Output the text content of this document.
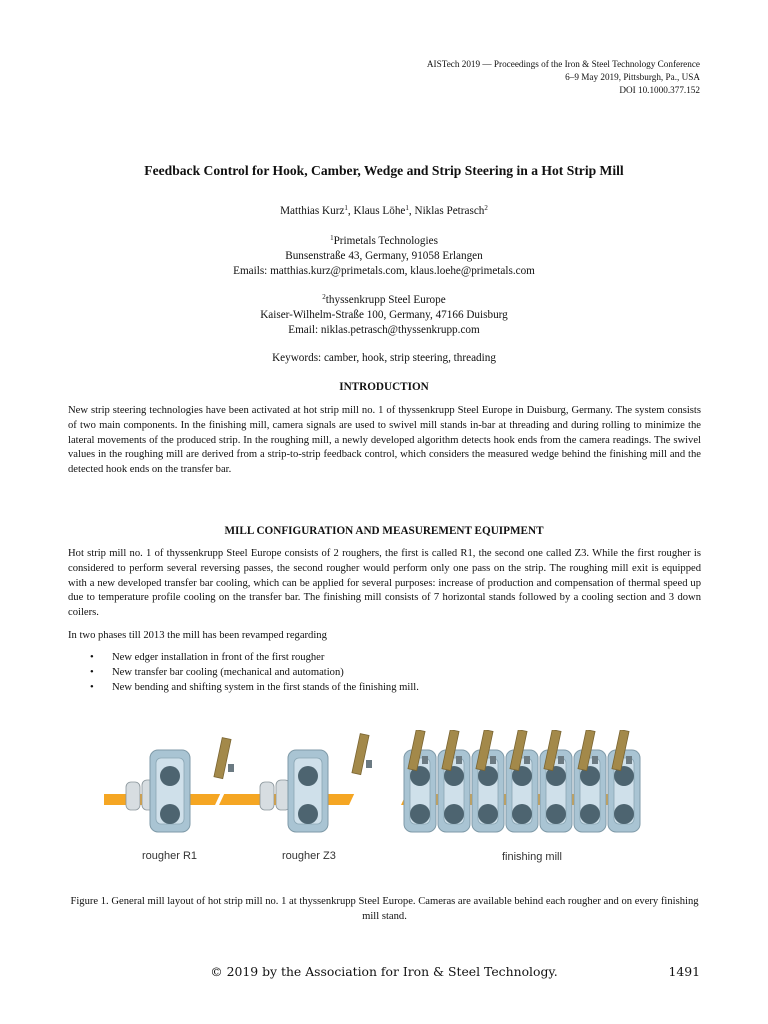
AISTech 2019 — Proceedings of the Iron & Steel Technology Conference
6–9 May 2019, Pittsburgh, Pa., USA
DOI 10.1000.377.152
Feedback Control for Hook, Camber, Wedge and Strip Steering in a Hot Strip Mill
Matthias Kurz$^1$, Klaus Löhe$^1$, Niklas Petrasch$^2$
$^1$Primetals Technologies
Bunsenstraße 43, Germany, 91058 Erlangen
Emails: matthias.kurz@primetals.com, klaus.loehe@primetals.com
$^2$thyssenkrupp Steel Europe
Kaiser-Wilhelm-Straße 100, Germany, 47166 Duisburg
Email: niklas.petrasch@thyssenkrupp.com
Keywords: camber, hook, strip steering, threading
INTRODUCTION

New strip steering technologies have been activated at hot strip mill no. 1 of thyssenkrupp Steel Europe in Duisburg, Germany. The system consists of two main components. In the finishing mill, camera signals are used to swivel mill stands in-bar at threading and during rolling to minimize the lateral movements of the produced strip. In the roughing mill, a newly developed algorithm detects hook ends from the camera readings. The swivel values in the roughing mill are derived from a strip-to-strip feedback control, which considers the measured wedge behind the finishing mill and the detected hook ends on the transfer bar.

MILL CONFIGURATION AND MEASUREMENT EQUIPMENT

Hot strip mill no. 1 of thyssenkrupp Steel Europe consists of 2 roughers, the first is called R1, the second one called Z3. While the first rougher is considered to perform several reversing passes, the second rougher would perform only one pass on the strip. The roughing mill exit is equipped with a new developed transfer bar cooling, which can be applied for several purposes: increase of production and compensation of thermal speed up due to temperature profile cooling on the transfer bar. The finishing mill consists of 7 horizontal stands followed by a cooling section and 3 down coilers.

In two phases till 2013 the mill has been revamped regarding

• New edger installation in front of the first rougher
• New transfer bar cooling (mechanical and automation)
• New bending and shifting system in the first stands of the finishing mill.
rougher R1	rougher Z3	finishing mill

Figure 1. General mill layout of hot strip mill no. 1 at thyssenkrupp Steel Europe. Cameras are available behind each rougher and on every finishing mill stand.

© 2019 by the Association for Iron & Steel Technology.	1491
